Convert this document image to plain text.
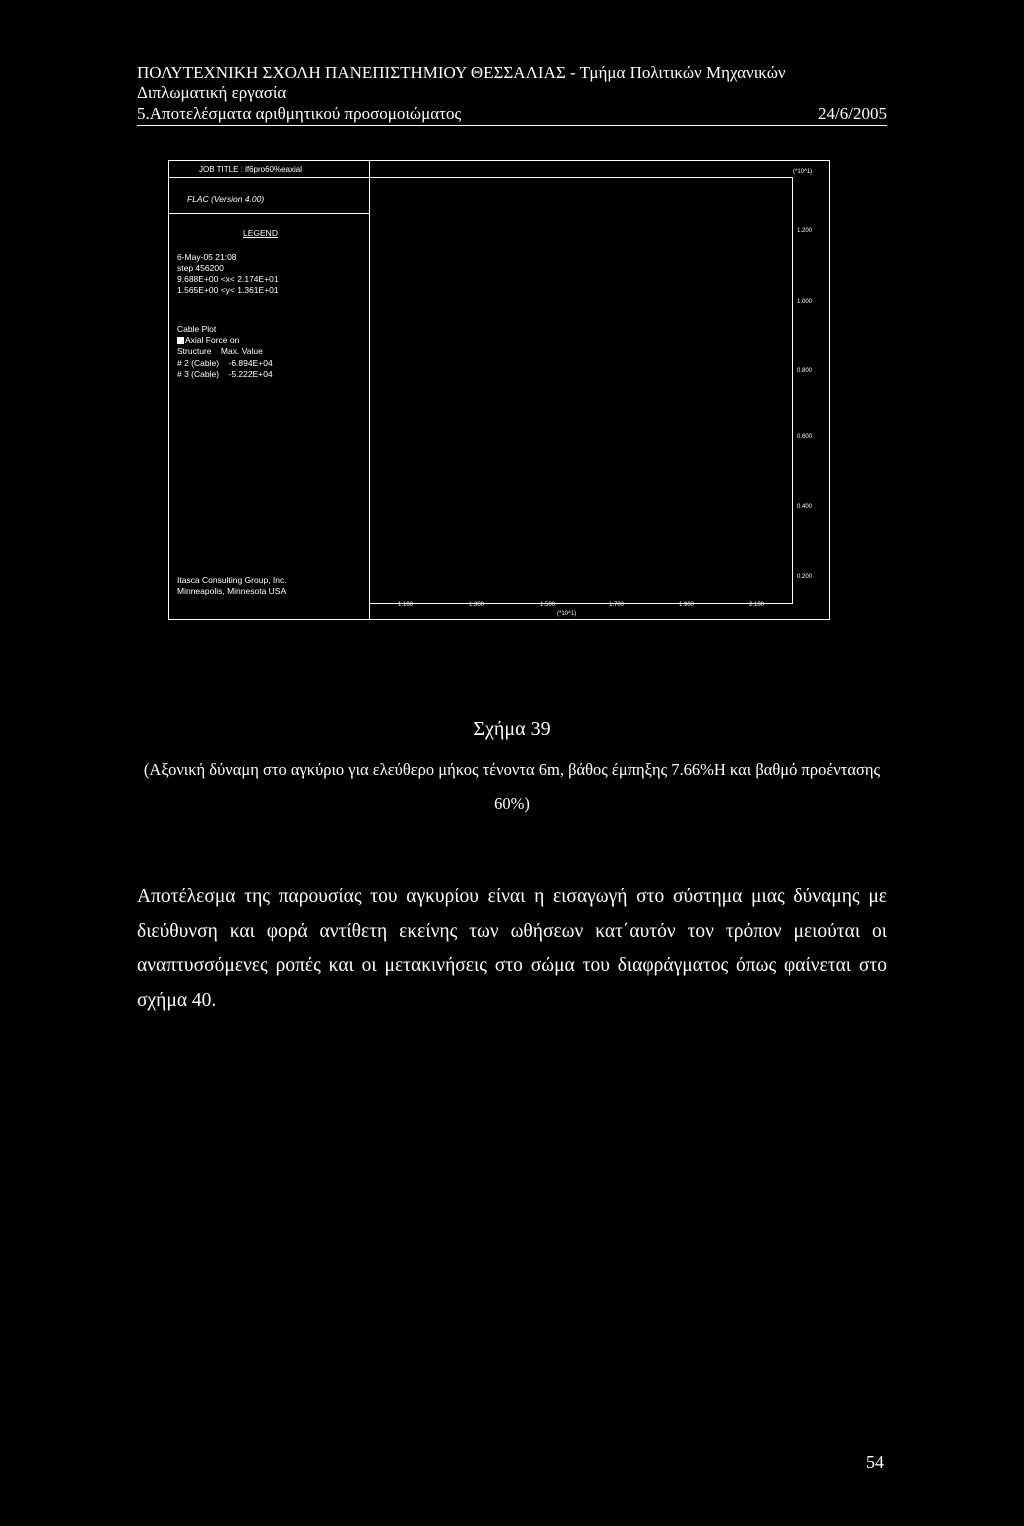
ΠΟΛΥΤΕΧΝΙΚΗ ΣΧΟΛΗ ΠΑΝΕΠΙΣΤΗΜΙΟΥ ΘΕΣΣΑΛΙΑΣ - Τμήμα Πολιτικών Μηχανικών
Διπλωματική εργασία
5.Αποτελέσματα αριθμητικού προσομοιώματος	24/6/2005
JOB TITLE : lf6pro60%eaxial
FLAC (Version 4.00)
LEGEND
6-May-05 21:08
step 456200
9.688E+00 <x< 2.174E+01
1.565E+00 <y< 1.361E+01
Cable Plot
Axial Force on
Structure    Max. Value
# 2 (Cable)    -6.894E+04
# 3 (Cable)    -5.222E+04
Itasca Consulting Group, Inc.
Minneapolis, Minnesota USA
(*10^1)
1.200
1.000
0.800
0.600
0.400
0.200
1.100	1.300	1.500	1.700	1.900	2.100
(*10^1)
Σχήμα 39
(Αξονική δύναμη στο αγκύριο για ελεύθερο μήκος τένοντα 6m, βάθος έμπηξης 7.66%Η και βαθμό προέντασης 60%)
Αποτέλεσμα της παρουσίας του αγκυρίου είναι η εισαγωγή στο σύστημα μιας δύναμης με διεύθυνση και φορά αντίθετη εκείνης των ωθήσεων κατ΄αυτόν τον τρόπον μειούται οι αναπτυσσόμενες ροπές και οι μετακινήσεις στο σώμα του διαφράγματος όπως φαίνεται στο σχήμα 40.
54
